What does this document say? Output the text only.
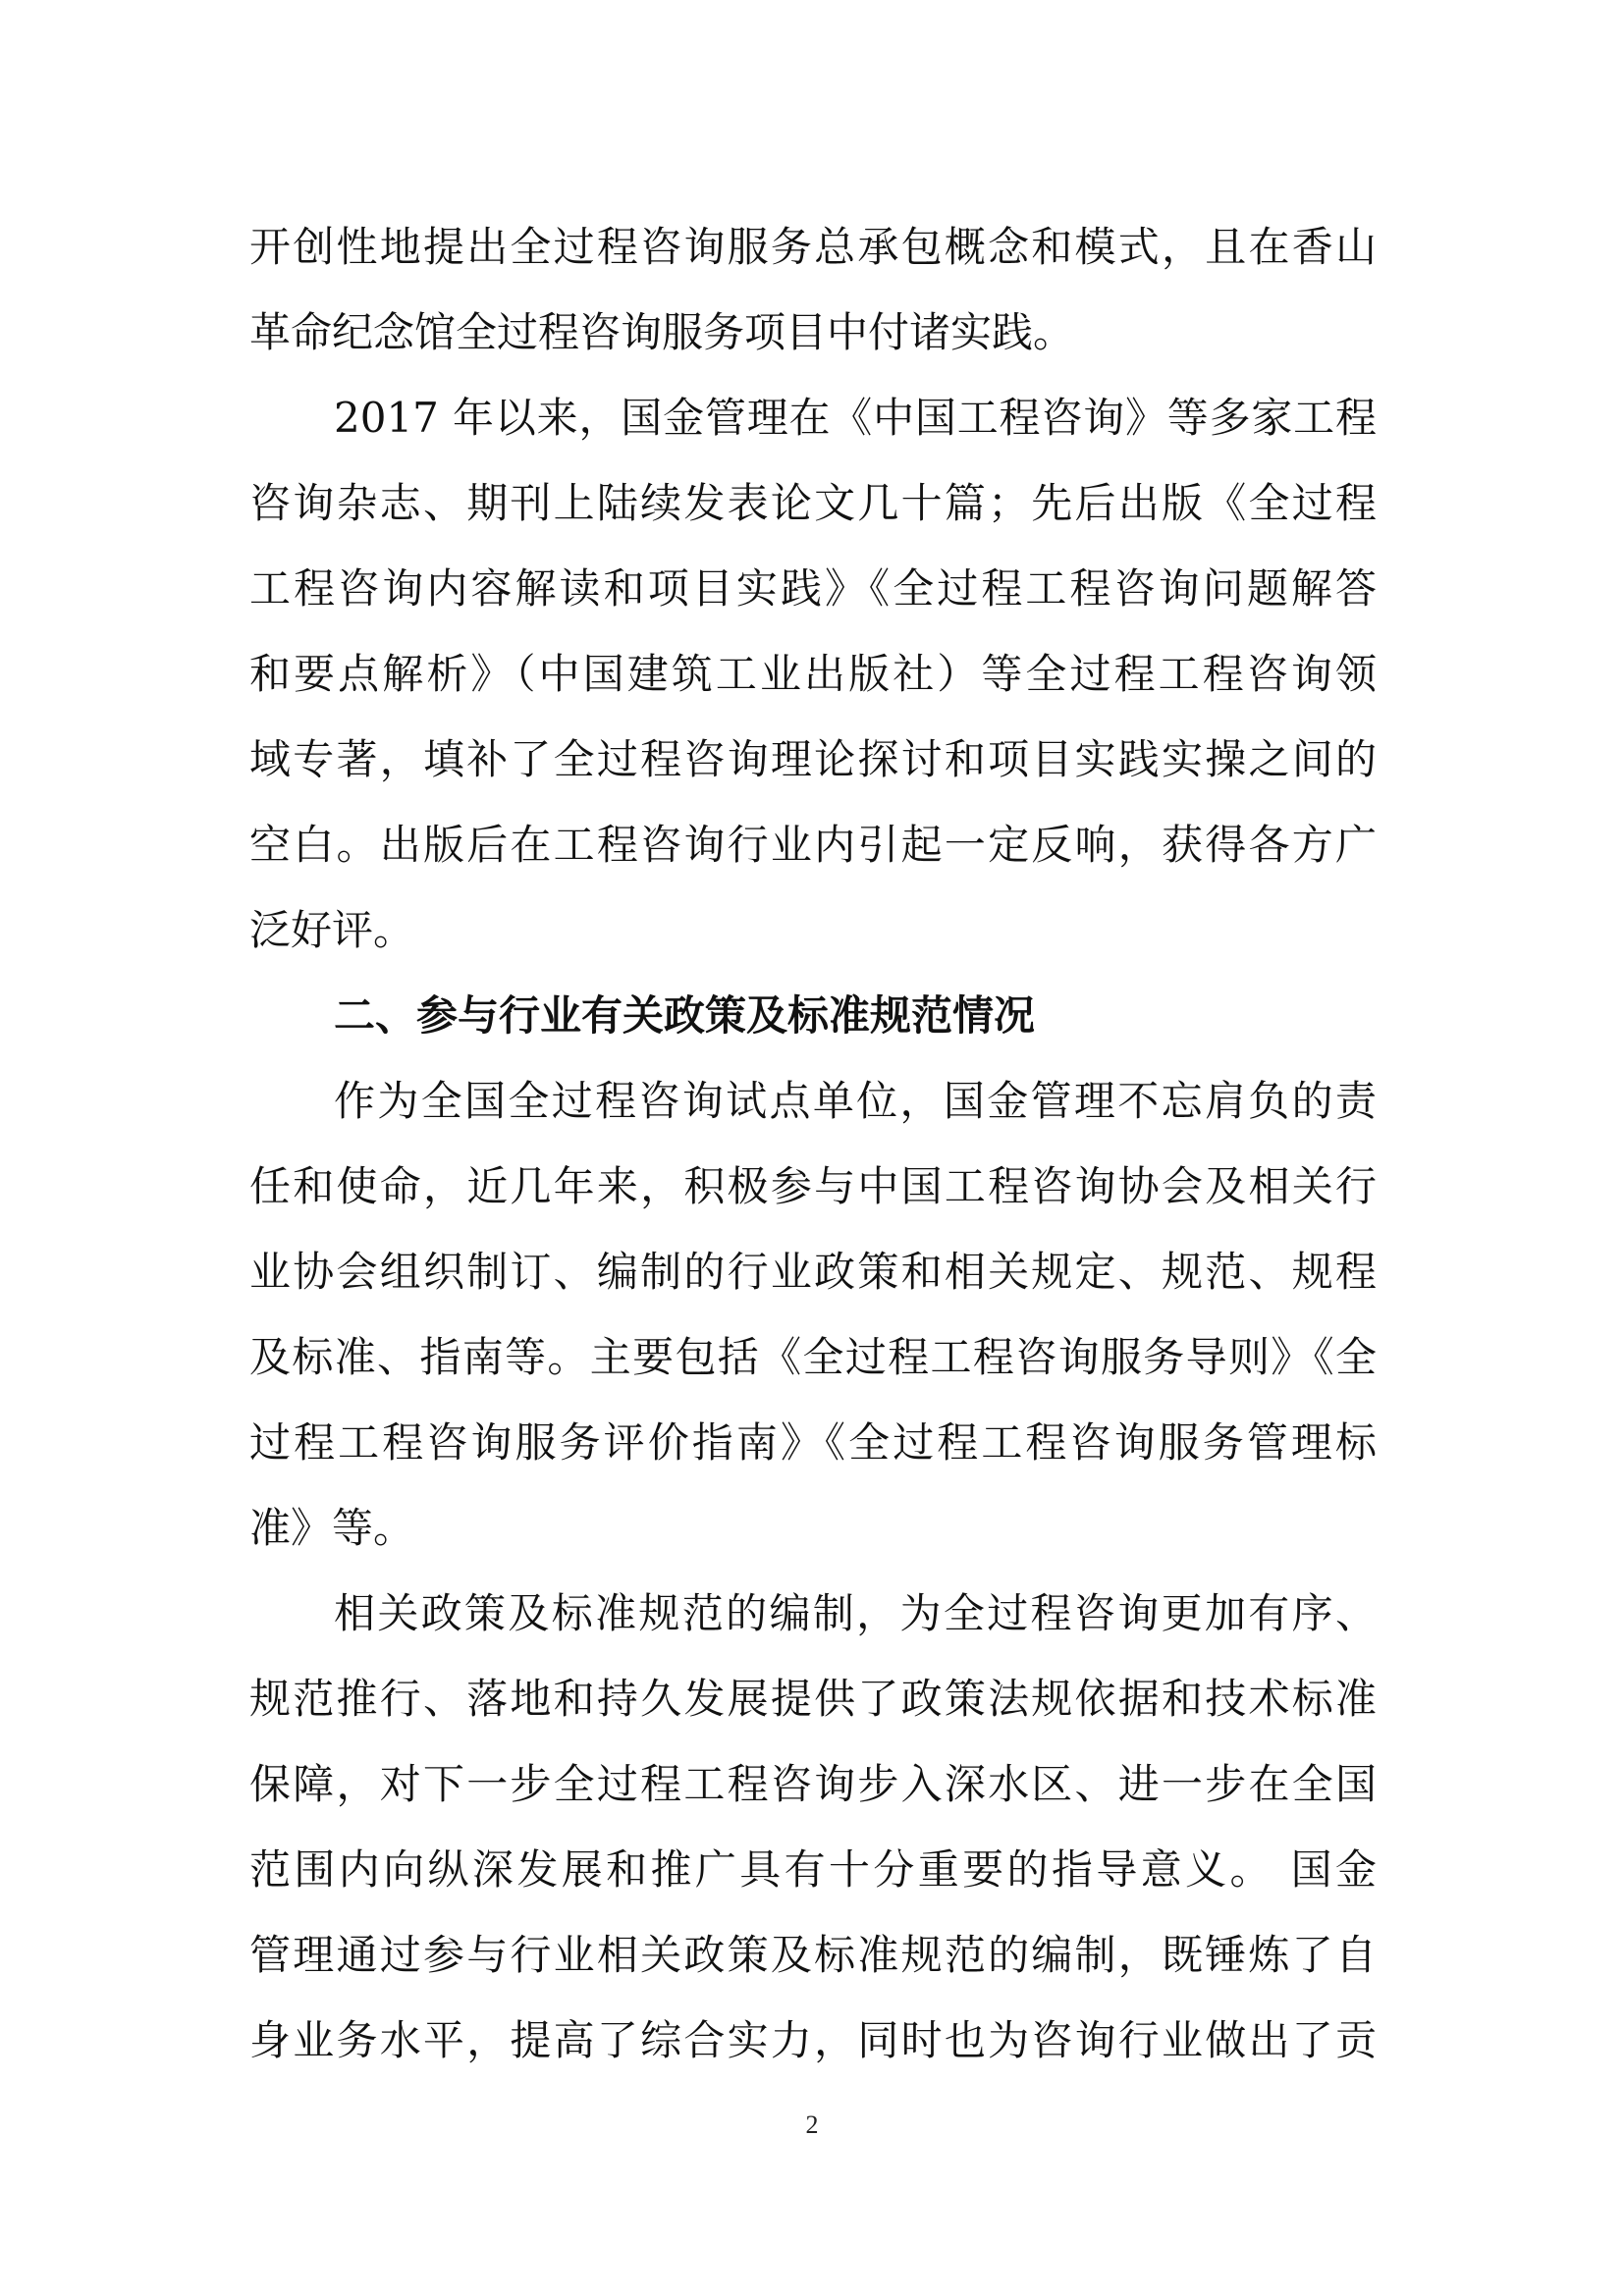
开创性地提出全过程咨询服务总承包概念和模式，且在香山
革命纪念馆全过程咨询服务项目中付诸实践。
2017 年以来，国金管理在《中国工程咨询》等多家工程
咨询杂志、期刊上陆续发表论文几十篇；先后出版《全过程
工程咨询内容解读和项目实践》《全过程工程咨询问题解答
和要点解析》（中国建筑工业出版社）等全过程工程咨询领
域专著，填补了全过程咨询理论探讨和项目实践实操之间的
空白。出版后在工程咨询行业内引起一定反响，获得各方广
泛好评。
二、参与行业有关政策及标准规范情况
作为全国全过程咨询试点单位，国金管理不忘肩负的责
任和使命，近几年来，积极参与中国工程咨询协会及相关行
业协会组织制订、编制的行业政策和相关规定、规范、规程
及标准、指南等。主要包括《全过程工程咨询服务导则》《全
过程工程咨询服务评价指南》《全过程工程咨询服务管理标
准》等。
相关政策及标准规范的编制，为全过程咨询更加有序、
规范推行、落地和持久发展提供了政策法规依据和技术标准
保障，对下一步全过程工程咨询步入深水区、进一步在全国
范围内向纵深发展和推广具有十分重要的指导意义。 国金
管理通过参与行业相关政策及标准规范的编制，既锤炼了自
身业务水平，提高了综合实力，同时也为咨询行业做出了贡
2
